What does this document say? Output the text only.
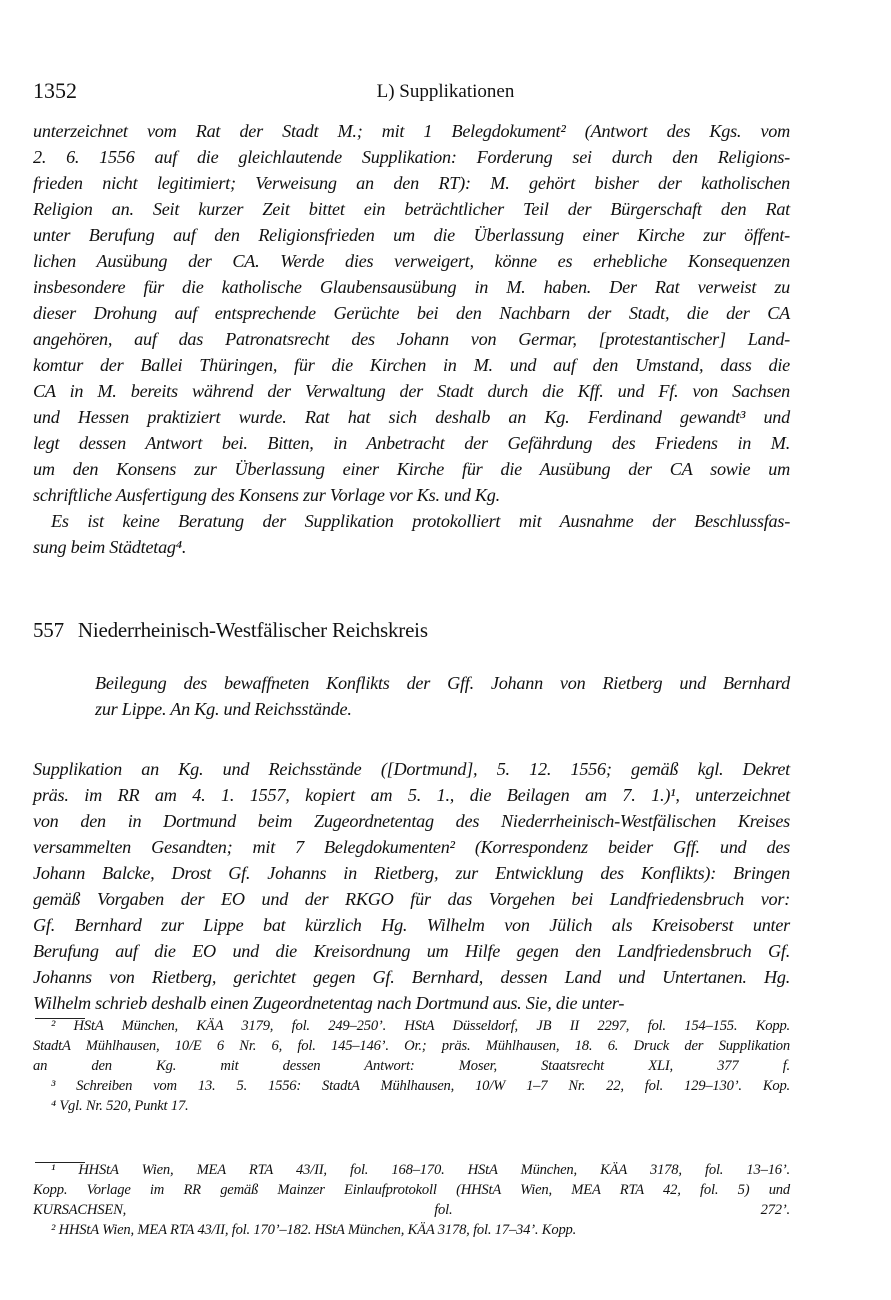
1352	L) Supplikationen
unterzeichnet vom Rat der Stadt M.; mit 1 Belegdokument² (Antwort des Kgs. vom
2. 6. 1556 auf die gleichlautende Supplikation: Forderung sei durch den Religions-
frieden nicht legitimiert; Verweisung an den RT): M. gehört bisher der katholischen
Religion an. Seit kurzer Zeit bittet ein beträchtlicher Teil der Bürgerschaft den Rat
unter Berufung auf den Religionsfrieden um die Überlassung einer Kirche zur öffent-
lichen Ausübung der CA. Werde dies verweigert, könne es erhebliche Konsequenzen
insbesondere für die katholische Glaubensausübung in M. haben. Der Rat verweist zu
dieser Drohung auf entsprechende Gerüchte bei den Nachbarn der Stadt, die der CA
angehören, auf das Patronatsrecht des Johann von Germar, [protestantischer] Land-
komtur der Ballei Thüringen, für die Kirchen in M. und auf den Umstand, dass die
CA in M. bereits während der Verwaltung der Stadt durch die Kff. und Ff. von Sachsen
und Hessen praktiziert wurde. Rat hat sich deshalb an Kg. Ferdinand gewandt³ und
legt dessen Antwort bei. Bitten, in Anbetracht der Gefährdung des Friedens in M.
um den Konsens zur Überlassung einer Kirche für die Ausübung der CA sowie um
schriftliche Ausfertigung des Konsens zur Vorlage vor Ks. und Kg.
Es ist keine Beratung der Supplikation protokolliert mit Ausnahme der Beschlussfas-
sung beim Städtetag⁴.
557 Niederrheinisch-Westfälischer Reichskreis
Beilegung des bewaffneten Konflikts der Gff. Johann von Rietberg und Bernhard
zur Lippe. An Kg. und Reichsstände.
Supplikation an Kg. und Reichsstände ([Dortmund], 5. 12. 1556; gemäß kgl. Dekret
präs. im RR am 4. 1. 1557, kopiert am 5. 1., die Beilagen am 7. 1.)¹, unterzeichnet
von den in Dortmund beim Zugeordnetentag des Niederrheinisch-Westfälischen Kreises
versammelten Gesandten; mit 7 Belegdokumenten² (Korrespondenz beider Gff. und des
Johann Balcke, Drost Gf. Johanns in Rietberg, zur Entwicklung des Konflikts): Bringen
gemäß Vorgaben der EO und der RKGO für das Vorgehen bei Landfriedensbruch vor:
Gf. Bernhard zur Lippe bat kürzlich Hg. Wilhelm von Jülich als Kreisoberst unter
Berufung auf die EO und die Kreisordnung um Hilfe gegen den Landfriedensbruch Gf.
Johanns von Rietberg, gerichtet gegen Gf. Bernhard, dessen Land und Untertanen. Hg.
Wilhelm schrieb deshalb einen Zugeordnetentag nach Dortmund aus. Sie, die unter-
² HStA München, KÄA 3179, fol. 249–250’. HStA Düsseldorf, JB II 2297, fol. 154–155. Kopp.
StadtA Mühlhausen, 10/E 6 Nr. 6, fol. 145–146’. Or.; präs. Mühlhausen, 18. 6. Druck der Supplikation
an den Kg. mit dessen Antwort: Moser, Staatsrecht XLI, 377 f.
³ Schreiben vom 13. 5. 1556: StadtA Mühlhausen, 10/W 1–7 Nr. 22, fol. 129–130’. Kop.
⁴ Vgl. Nr. 520, Punkt 17.
¹ HHStA Wien, MEA RTA 43/II, fol. 168–170. HStA München, KÄA 3178, fol. 13–16’.
Kopp. Vorlage im RR gemäß Mainzer Einlaufprotokoll (HHStA Wien, MEA RTA 42, fol. 5) und
KURSACHSEN, fol. 272’.
² HHStA Wien, MEA RTA 43/II, fol. 170’–182. HStA München, KÄA 3178, fol. 17–34’. Kopp.
